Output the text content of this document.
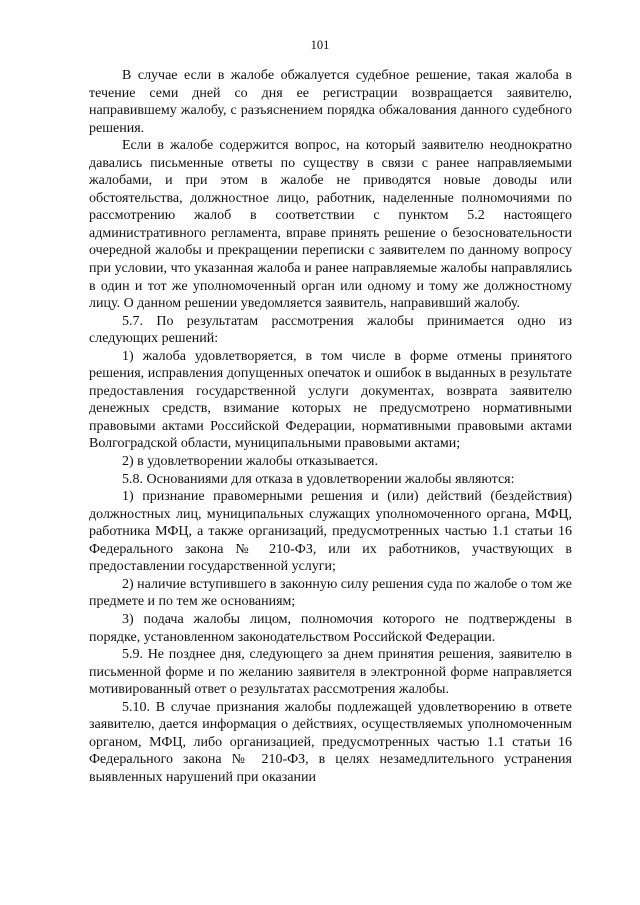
101

В случае если в жалобе обжалуется судебное решение, такая жалоба в течение семи дней со дня ее регистрации возвращается заявителю, направившему жалобу, с разъяснением порядка обжалования данного судебного решения.

Если в жалобе содержится вопрос, на который заявителю неоднократно давались письменные ответы по существу в связи с ранее направляемыми жалобами, и при этом в жалобе не приводятся новые доводы или обстоятельства, должностное лицо, работник, наделенные полномочиями по рассмотрению жалоб в соответствии с пунктом 5.2 настоящего административного регламента, вправе принять решение о безосновательности очередной жалобы и прекращении переписки с заявителем по данному вопросу при условии, что указанная жалоба и ранее направляемые жалобы направлялись в один и тот же уполномоченный орган или одному и тому же должностному лицу. О данном решении уведомляется заявитель, направивший жалобу.

5.7. По результатам рассмотрения жалобы принимается одно из следующих решений:

1) жалоба удовлетворяется, в том числе в форме отмены принятого решения, исправления допущенных опечаток и ошибок в выданных в результате предоставления государственной услуги документах, возврата заявителю денежных средств, взимание которых не предусмотрено нормативными правовыми актами Российской Федерации, нормативными правовыми актами Волгоградской области, муниципальными правовыми актами;

2) в удовлетворении жалобы отказывается.

5.8. Основаниями для отказа в удовлетворении жалобы являются:

1) признание правомерными решения и (или) действий (бездействия) должностных лиц, муниципальных служащих уполномоченного органа, МФЦ, работника МФЦ, а также организаций, предусмотренных частью 1.1 статьи 16 Федерального закона № 210-ФЗ, или их работников, участвующих в предоставлении государственной услуги;

2) наличие вступившего в законную силу решения суда по жалобе о том же предмете и по тем же основаниям;

3) подача жалобы лицом, полномочия которого не подтверждены в порядке, установленном законодательством Российской Федерации.

5.9. Не позднее дня, следующего за днем принятия решения, заявителю в письменной форме и по желанию заявителя в электронной форме направляется мотивированный ответ о результатах рассмотрения жалобы.

5.10. В случае признания жалобы подлежащей удовлетворению в ответе заявителю, дается информация о действиях, осуществляемых уполномоченным органом, МФЦ, либо организацией, предусмотренных частью 1.1 статьи 16 Федерального закона № 210-ФЗ, в целях незамедлительного устранения выявленных нарушений при оказании
